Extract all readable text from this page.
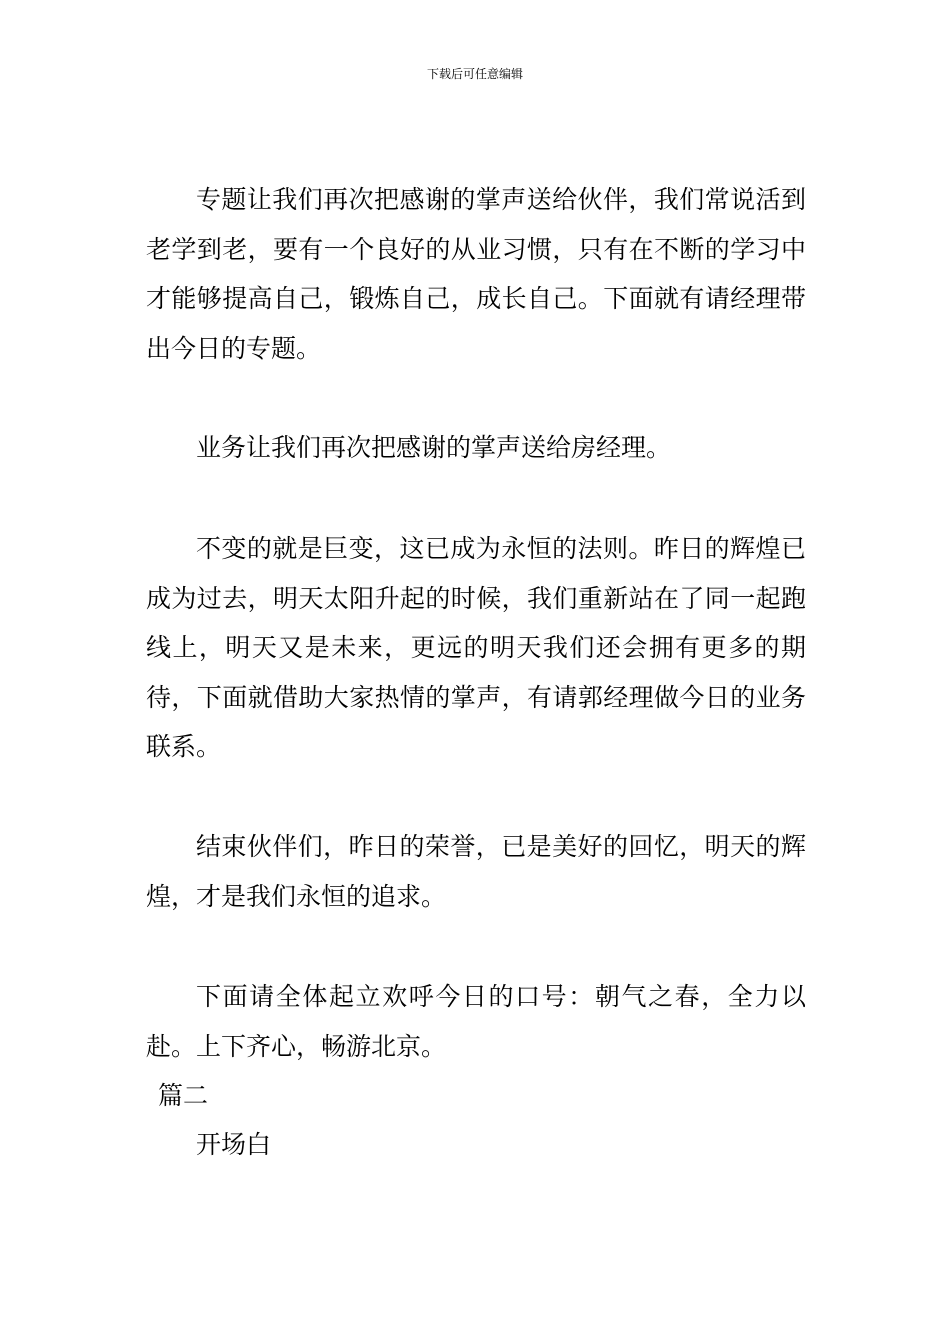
下载后可任意编辑

专题让我们再次把感谢的掌声送给伙伴，我们常说活到老学到老，要有一个良好的从业习惯，只有在不断的学习中才能够提高自己，锻炼自己，成长自己。下面就有请经理带出今日的专题。

业务让我们再次把感谢的掌声送给房经理。

不变的就是巨变，这已成为永恒的法则。昨日的辉煌已成为过去，明天太阳升起的时候，我们重新站在了同一起跑线上，明天又是未来，更远的明天我们还会拥有更多的期待，下面就借助大家热情的掌声，有请郭经理做今日的业务联系。

结束伙伴们，昨日的荣誉，已是美好的回忆，明天的辉煌，才是我们永恒的追求。

下面请全体起立欢呼今日的口号：朝气之春，全力以赴。上下齐心，畅游北京。

篇二
开场白
